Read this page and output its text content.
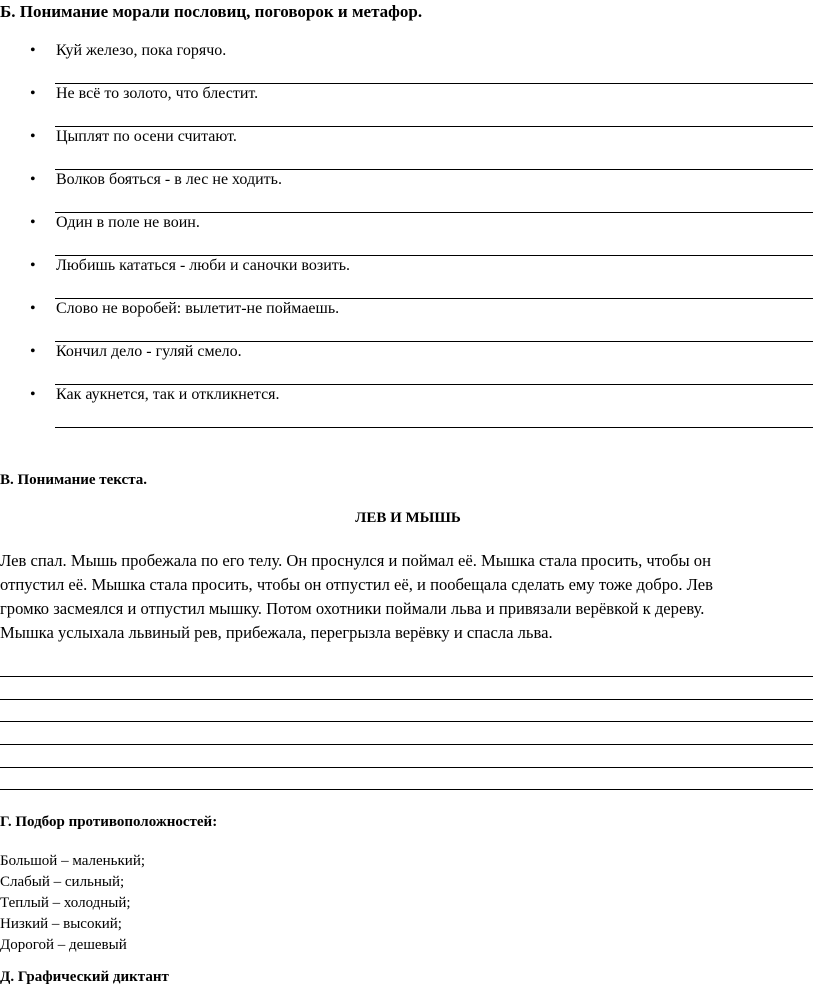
Б. Понимание морали пословиц, поговорок и метафор.
• Куй железо, пока горячо.
• Не всё то золото, что блестит.
• Цыплят по осени считают.
• Волков бояться - в лес не ходить.
• Один в поле не воин.
• Любишь кататься - люби и саночки возить.
• Слово не воробей: вылетит-не поймаешь.
• Кончил дело - гуляй смело.
• Как аукнется, так и откликнется.
В. Понимание текста.
ЛЕВ И МЫШЬ
Лев спал. Мышь пробежала по его телу. Он проснулся и поймал её. Мышка стала просить, чтобы он
отпустил её. Мышка стала просить, чтобы он отпустил её, и пообещала сделать ему тоже добро. Лев
громко засмеялся и отпустил мышку. Потом охотники поймали льва и привязали верёвкой к дереву.
Мышка услыхала львиный рев, прибежала, перегрызла верёвку и спасла льва.
Г. Подбор противоположностей:
Большой – маленький;
Слабый – сильный;
Теплый – холодный;
Низкий – высокий;
Дорогой – дешевый
Д. Графический диктант
